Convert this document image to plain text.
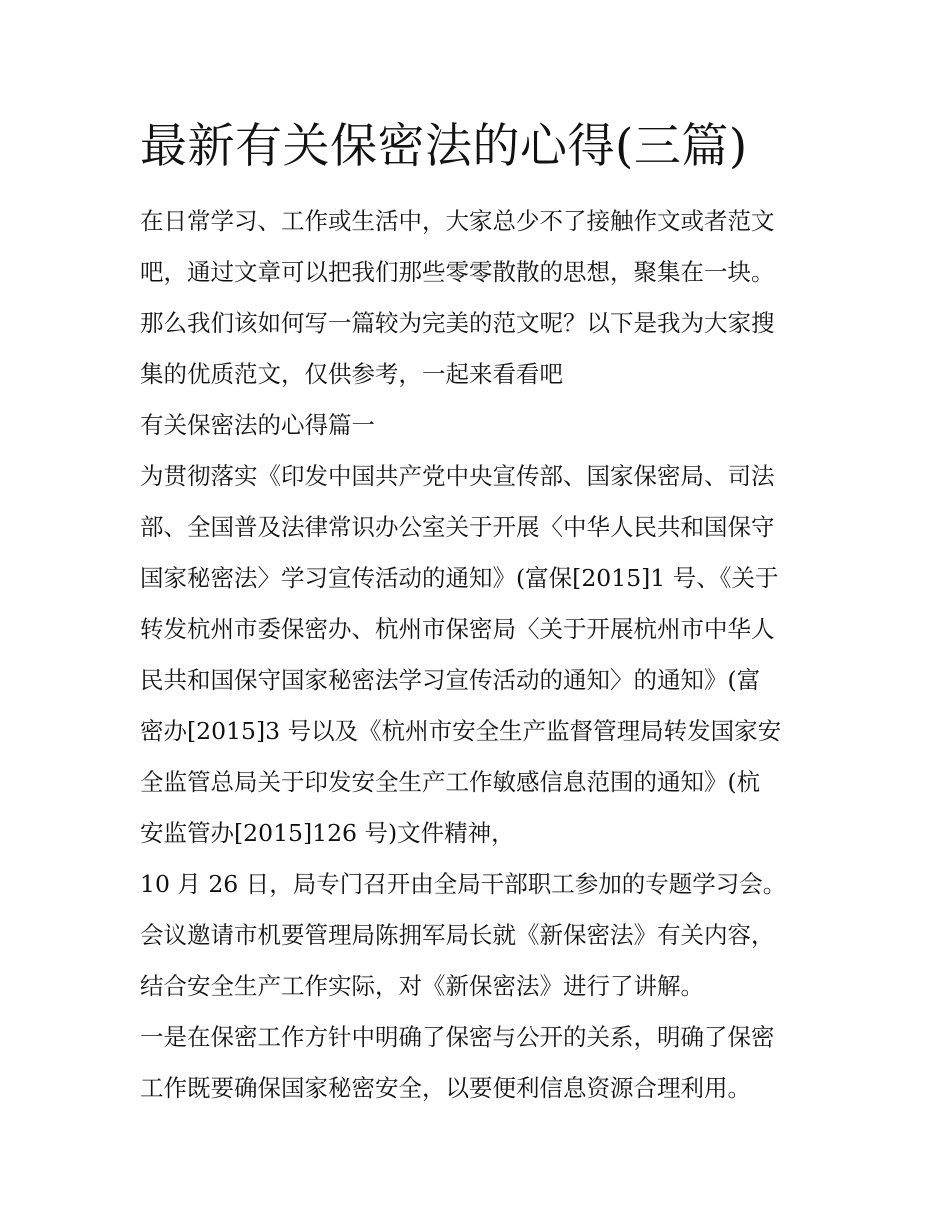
最新有关保密法的心得(三篇)
在日常学习、工作或生活中，大家总少不了接触作文或者范文
吧，通过文章可以把我们那些零零散散的思想，聚集在一块。
那么我们该如何写一篇较为完美的范文呢？以下是我为大家搜
集的优质范文，仅供参考，一起来看看吧
有关保密法的心得篇一
为贯彻落实《印发中国共产党中央宣传部、国家保密局、司法
部、全国普及法律常识办公室关于开展〈中华人民共和国保守
国家秘密法〉学习宣传活动的通知》(富保[2015]1 号、《关于
转发杭州市委保密办、杭州市保密局〈关于开展杭州市中华人
民共和国保守国家秘密法学习宣传活动的通知〉的通知》(富
密办[2015]3 号以及《杭州市安全生产监督管理局转发国家安
全监管总局关于印发安全生产工作敏感信息范围的通知》(杭
安监管办[2015]126 号)文件精神，
10 月 26 日，局专门召开由全局干部职工参加的专题学习会。
会议邀请市机要管理局陈拥军局长就《新保密法》有关内容，
结合安全生产工作实际，对《新保密法》进行了讲解。
一是在保密工作方针中明确了保密与公开的关系，明确了保密
工作既要确保国家秘密安全，以要便利信息资源合理利用。
